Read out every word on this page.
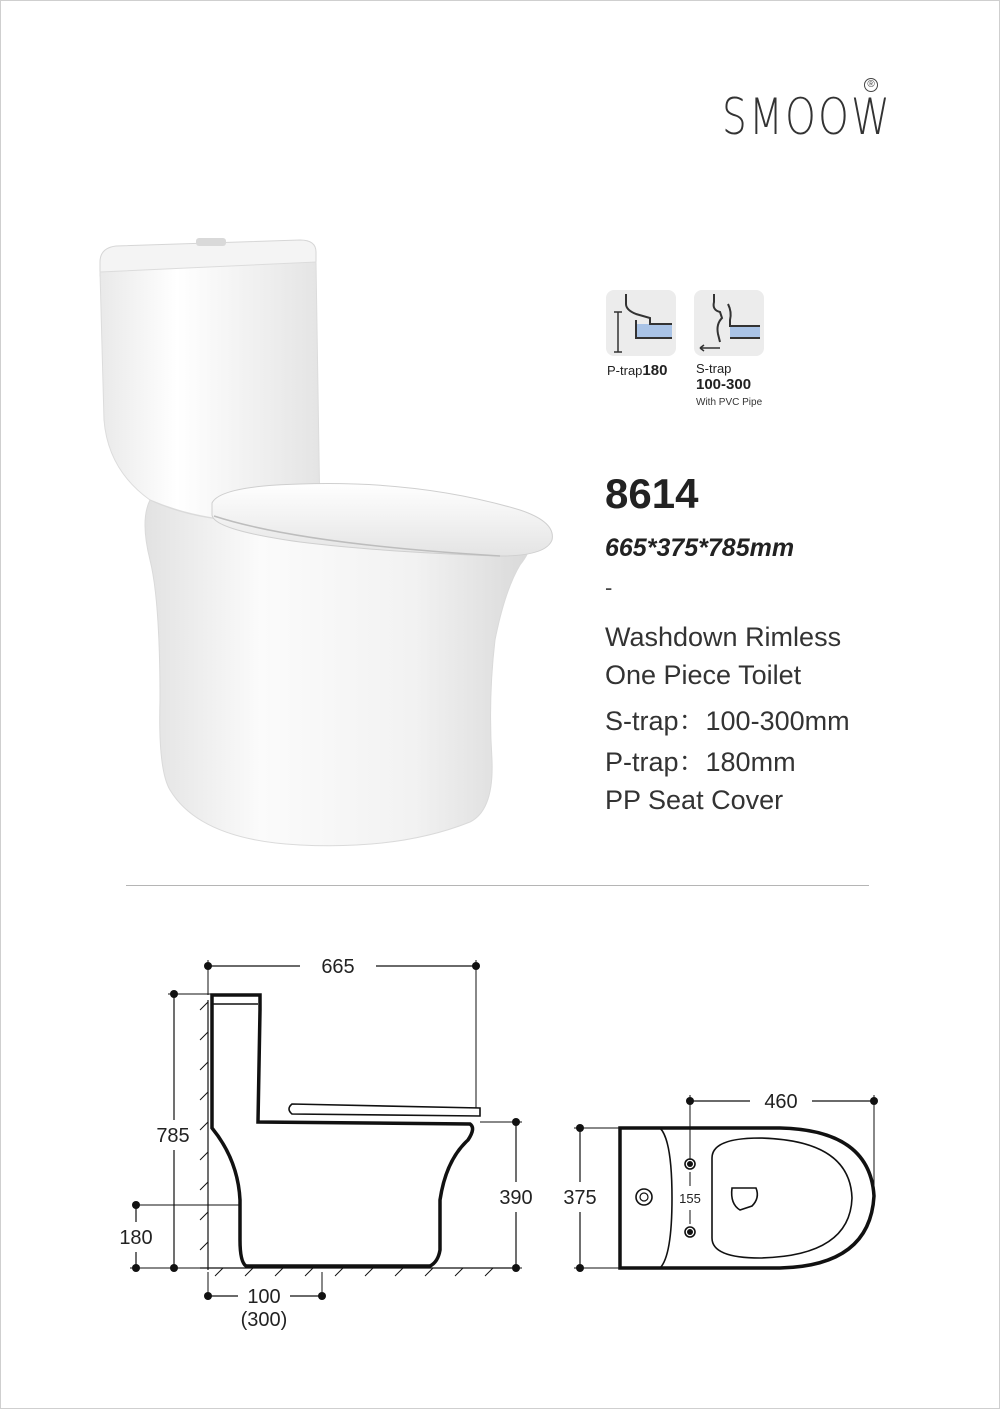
SMOOW
®
P-trap180 S-trap
100-300
With PVC Pipe
8614
665*375*785mm
-
Washdown Rimless
One Piece Toilet
S-trap：100-300mm
P-trap：180mm
PP Seat Cover
665
785
180
390
100
(300)
460
375	155
